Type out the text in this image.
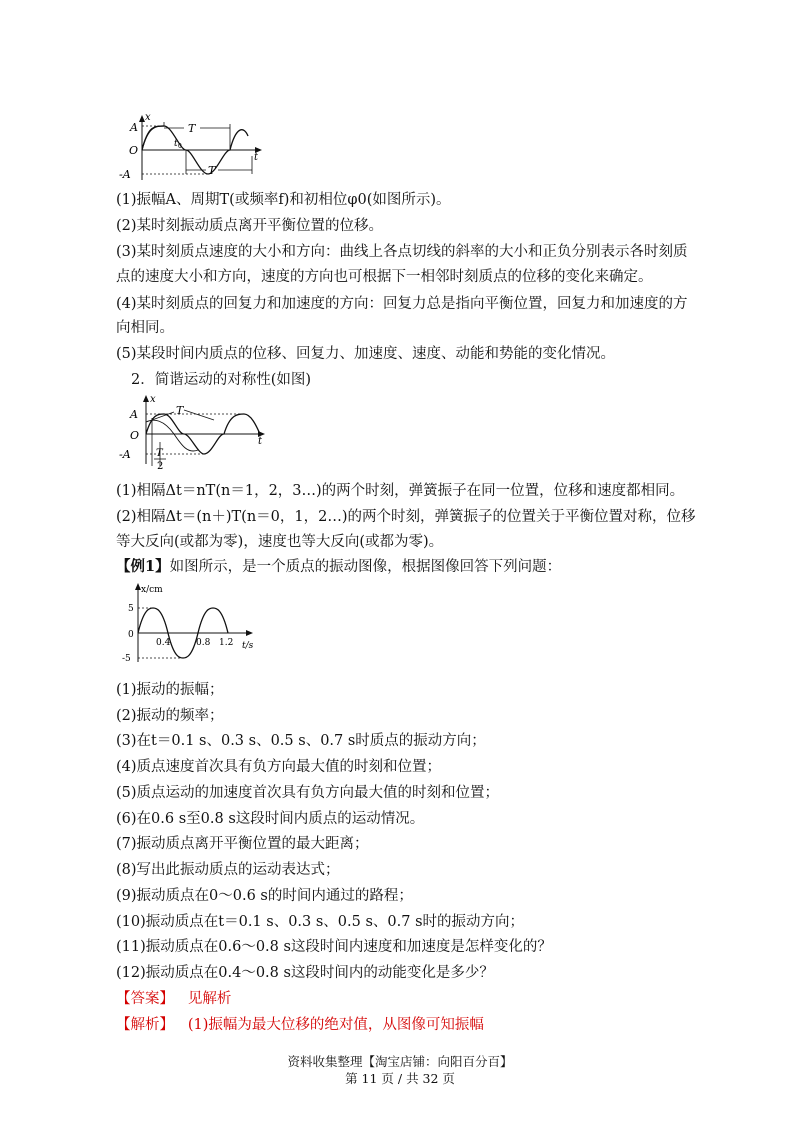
A
O
-A
x
t
t 0
T
T
(1)振幅A、周期T(或频率f)和初相位φ0(如图所示)。
(2)某时刻振动质点离开平衡位置的位移。
(3)某时刻质点速度的大小和方向：曲线上各点切线的斜率的大小和正负分别表示各时刻质
点的速度大小和方向，速度的方向也可根据下一相邻时刻质点的位移的变化来确定。
(4)某时刻质点的回复力和加速度的方向：回复力总是指向平衡位置，回复力和加速度的方
向相同。
(5)某段时间内质点的位移、回复力、加速度、速度、动能和势能的变化情况。
2．简谐运动的对称性(如图)
A
O
-A
x
t
T
T
2
(1)相隔Δt＝nT(n＝1，2，3…)的两个时刻，弹簧振子在同一位置，位移和速度都相同。
(2)相隔Δt＝(n＋)T(n＝0，1，2…)的两个时刻，弹簧振子的位置关于平衡位置对称，位移
等大反向(或都为零)，速度也等大反向(或都为零)。
【例1】如图所示，是一个质点的振动图像，根据图像回答下列问题：
x/cm
t/s
5
0
-5
0.4	0.8 1.2
(1)振动的振幅；
(2)振动的频率；
(3)在t＝0.1 s、0.3 s、0.5 s、0.7 s时质点的振动方向；
(4)质点速度首次具有负方向最大值的时刻和位置；
(5)质点运动的加速度首次具有负方向最大值的时刻和位置；
(6)在0.6 s至0.8 s这段时间内质点的运动情况。
(7)振动质点离开平衡位置的最大距离；
(8)写出此振动质点的运动表达式；
(9)振动质点在0～0.6 s的时间内通过的路程；
(10)振动质点在t＝0.1 s、0.3 s、0.5 s、0.7 s时的振动方向；
(11)振动质点在0.6～0.8 s这段时间内速度和加速度是怎样变化的？
(12)振动质点在0.4～0.8 s这段时间内的动能变化是多少？
【答案】 见解析
【解析】 (1)振幅为最大位移的绝对值，从图像可知振幅
资料收集整理【淘宝店铺：向阳百分百】
第 11 页 / 共 32 页
